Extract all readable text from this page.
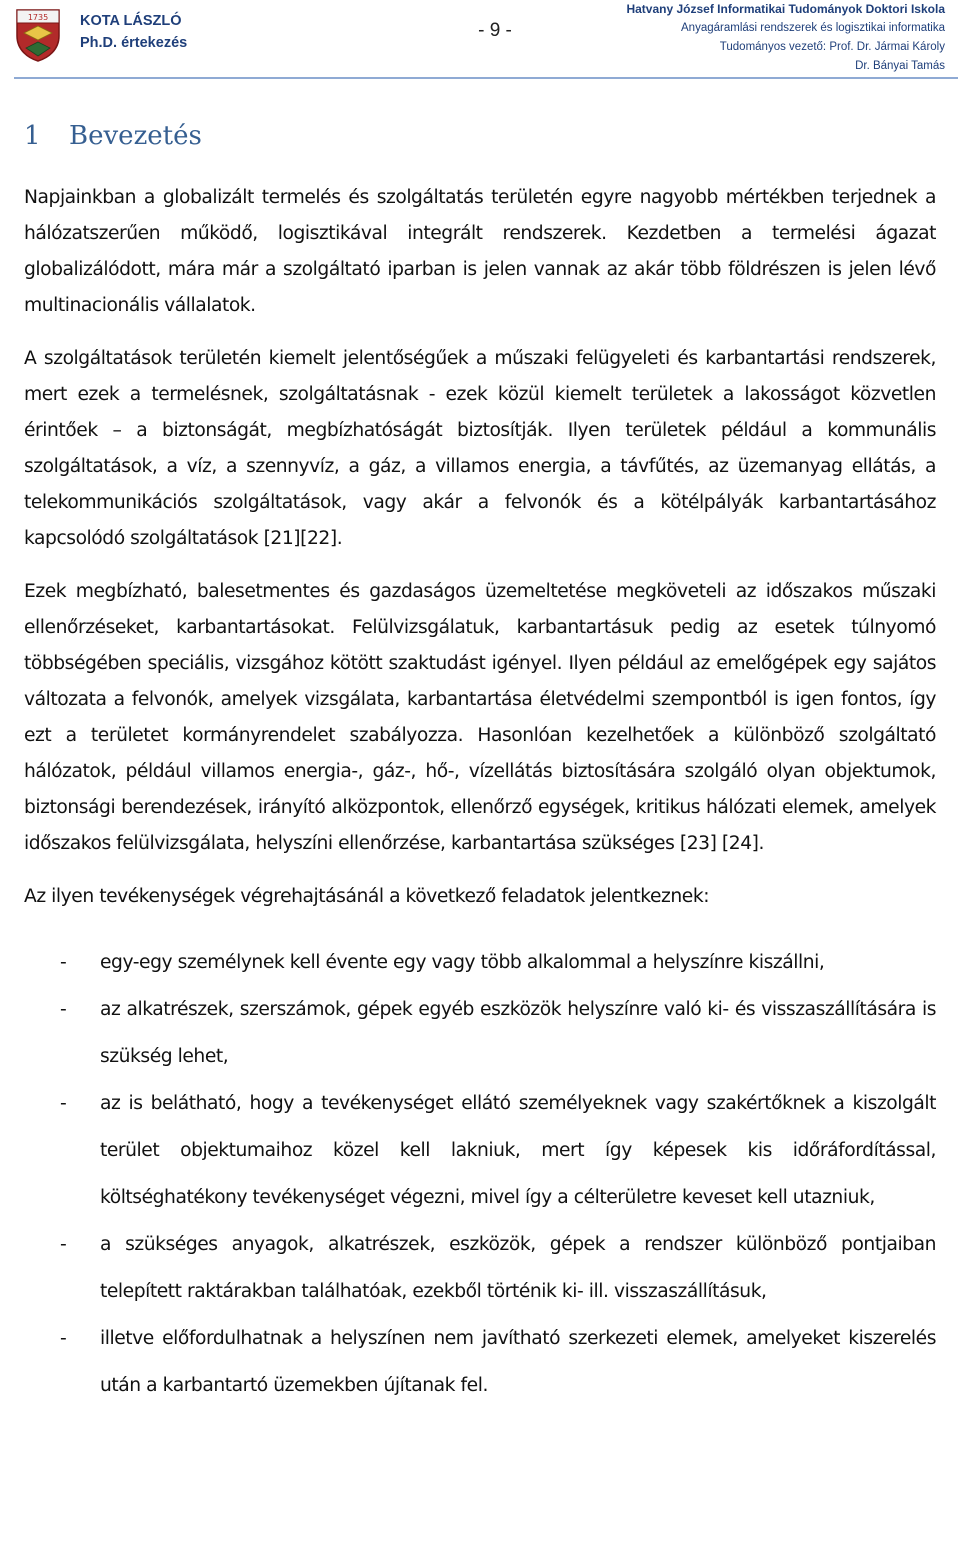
1735 KOTA LÁSZLÓ
Ph.D. értekezés
- 9 -
Hatvany József Informatikai Tudományok Doktori Iskola
Anyagáramlási rendszerek és logisztikai informatika
Tudományos vezető: Prof. Dr. Jármai Károly
Dr. Bányai Tamás
1 Bevezetés

Napjainkban a globalizált termelés és szolgáltatás területén egyre nagyobb mértékben terjednek a hálózatszerűen működő, logisztikával integrált rendszerek. Kezdetben a termelési ágazat globalizálódott, mára már a szolgáltató iparban is jelen vannak az akár több földrészen is jelen lévő multinacionális vállalatok.

A szolgáltatások területén kiemelt jelentőségűek a műszaki felügyeleti és karbantartási rendszerek, mert ezek a termelésnek, szolgáltatásnak - ezek közül kiemelt területek a lakosságot közvetlen érintőek – a biztonságát, megbízhatóságát biztosítják. Ilyen területek például a kommunális szolgáltatások, a víz, a szennyvíz, a gáz, a villamos energia, a távfűtés, az üzemanyag ellátás, a telekommunikációs szolgáltatások, vagy akár a felvonók és a kötélpályák karbantartásához kapcsolódó szolgáltatások [21][22].

Ezek megbízható, balesetmentes és gazdaságos üzemeltetése megköveteli az időszakos műszaki ellenőrzéseket, karbantartásokat. Felülvizsgálatuk, karbantartásuk pedig az esetek túlnyomó többségében speciális, vizsgához kötött szaktudást igényel. Ilyen például az emelőgépek egy sajátos változata a felvonók, amelyek vizsgálata, karbantartása életvédelmi szempontból is igen fontos, így ezt a területet kormányrendelet szabályozza. Hasonlóan kezelhetőek a különböző szolgáltató hálózatok, például villamos energia-, gáz-, hő-, vízellátás biztosítására szolgáló olyan objektumok, biztonsági berendezések, irányító alközpontok, ellenőrző egységek, kritikus hálózati elemek, amelyek időszakos felülvizsgálata, helyszíni ellenőrzése, karbantartása szükséges [23] [24].

Az ilyen tevékenységek végrehajtásánál a következő feladatok jelentkeznek:

- egy-egy személynek kell évente egy vagy több alkalommal a helyszínre kiszállni,
- az alkatrészek, szerszámok, gépek egyéb eszközök helyszínre való ki- és visszaszállítására is szükség lehet,
- az is belátható, hogy a tevékenységet ellátó személyeknek vagy szakértőknek a kiszolgált terület objektumaihoz közel kell lakniuk, mert így képesek kis időráfordítással, költséghatékony tevékenységet végezni, mivel így a célterületre keveset kell utazniuk,
- a szükséges anyagok, alkatrészek, eszközök, gépek a rendszer különböző pontjaiban telepített raktárakban találhatóak, ezekből történik ki- ill. visszaszállításuk,
- illetve előfordulhatnak a helyszínen nem javítható szerkezeti elemek, amelyeket kiszerelés után a karbantartó üzemekben újítanak fel.
